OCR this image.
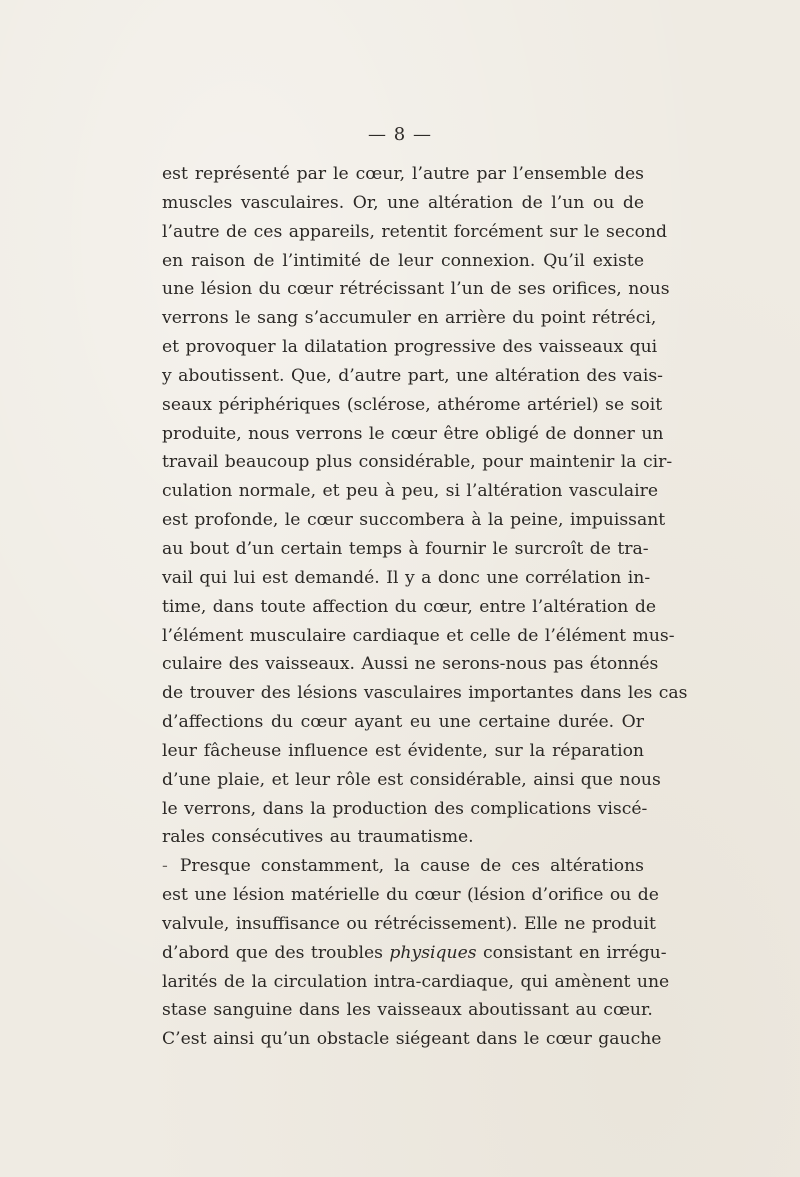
— 8 —
est représenté par le cœur, l’autre par l’ensemble des
muscles vasculaires. Or, une altération de l’un ou de
l’autre de ces appareils, retentit forcément sur le second
en raison de l’intimité de leur connexion. Qu’il existe
une lésion du cœur rétrécissant l’un de ses orifices, nous
verrons le sang s’accumuler en arrière du point rétréci,
et provoquer la dilatation progressive des vaisseaux qui
y aboutissent. Que, d’autre part, une altération des vais-
seaux périphériques (sclérose, athérome artériel) se soit
produite, nous verrons le cœur être obligé de donner un
travail beaucoup plus considérable, pour maintenir la cir-
culation normale, et peu à peu, si l’altération vasculaire
est profonde, le cœur succombera à la peine, impuissant
au bout d’un certain temps à fournir le surcroît de tra-
vail qui lui est demandé. Il y a donc une corrélation in-
time, dans toute affection du cœur, entre l’altération de
l’élément musculaire cardiaque et celle de l’élément mus-
culaire des vaisseaux. Aussi ne serons-nous pas étonnés
de trouver des lésions vasculaires importantes dans les cas
d’affections du cœur ayant eu une certaine durée. Or
leur fâcheuse influence est évidente, sur la réparation
d’une plaie, et leur rôle est considérable, ainsi que nous
le verrons, dans la production des complications viscé-
rales consécutives au traumatisme.
- Presque constamment, la cause de ces altérations
est une lésion matérielle du cœur (lésion d’orifice ou de
valvule, insuffisance ou rétrécissement). Elle ne produit
d’abord que des troubles physiques consistant en irrégu-
larités de la circulation intra-cardiaque, qui amènent une
stase sanguine dans les vaisseaux aboutissant au cœur.
C’est ainsi qu’un obstacle siégeant dans le cœur gauche
